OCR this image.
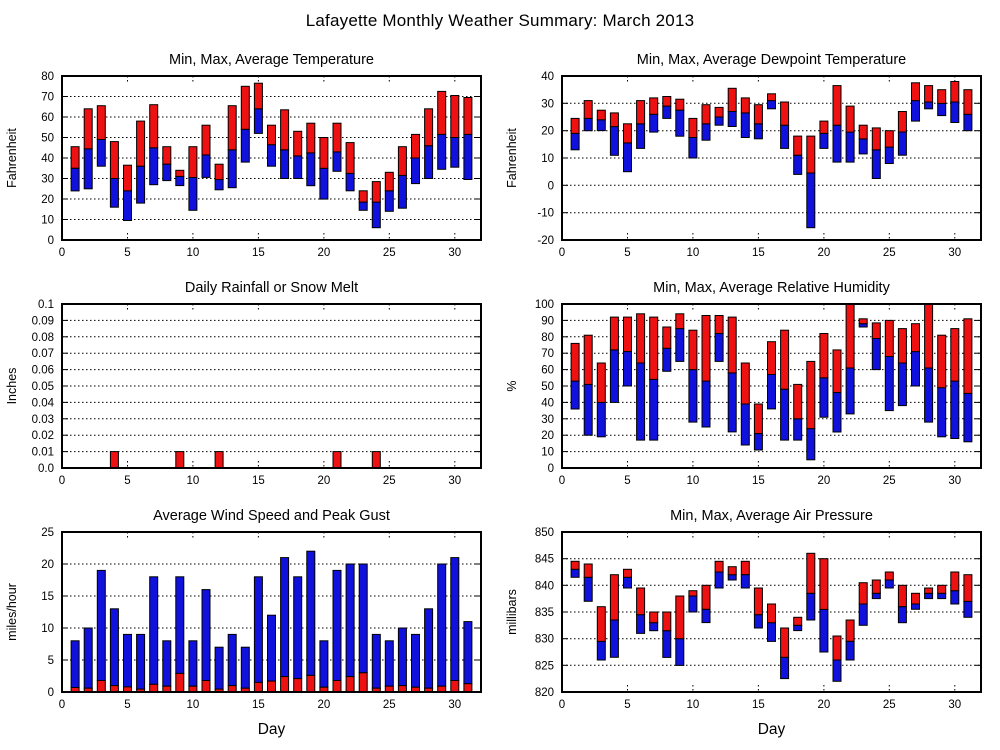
Lafayette Monthly Weather Summary: March 2013
0
10
20
30
40
50
60
70
80
0	5	10	15	20	25	30
Min, Max, Average Temperature
Fahrenheit
-20
-10
0
10
20
30
40
0	5	10	15	20	25	30
Min, Max, Average Dewpoint Temperature
Fahrenheit
0.0
0.01
0.02
0.03
0.04
0.05
0.06
0.07
0.08
0.09
0.1
0	5	10	15	20	25	30
Daily Rainfall or Snow Melt
Inches
0
10
20
30
40
50
60
70
80
90
100
0	5	10	15	20	25	30
Min, Max, Average Relative Humidity
%
0
5
10
15
20
25
0	5	10	15	20	25	30
Average Wind Speed and Peak Gust
miles/hour
Day
820
825
830
835
840
845
850
0	5	10	15	20	25	30
Min, Max, Average Air Pressure
millibars
Day
